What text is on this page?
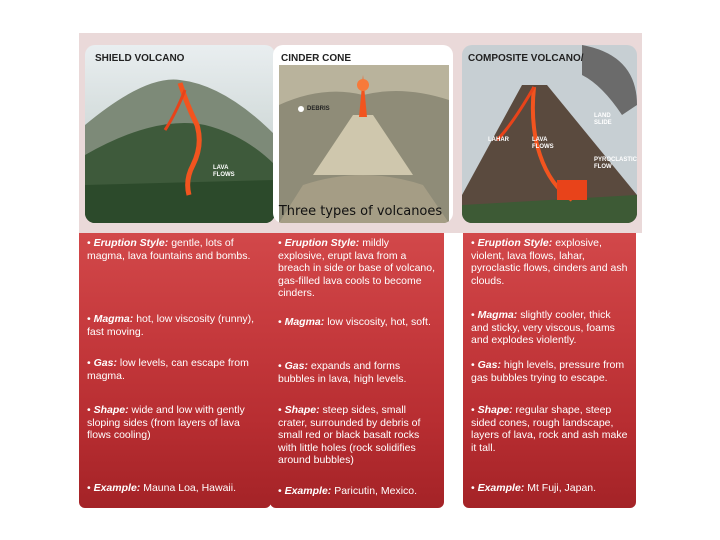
SHIELD VOLCANO
LAVA
FLOWS
CINDER CONE
DEBRIS
COMPOSITE VOLCANO/
LAHAR	LAVA
FLOWS
LAND
SLIDE
PYROCLASTIC
FLOW
Three types of volcanoes
• Eruption Style: gentle, lots of magma, lava fountains and bombs.
• Magma: hot, low viscosity (runny), fast moving.
• Gas: low levels, can escape from magma.
• Shape: wide and low with gently sloping sides (from layers of lava flows cooling)
• Example: Mauna Loa, Hawaii.
• Eruption Style: mildly explosive, erupt lava from a breach in side or base of volcano, gas-filled lava cools to become cinders.
• Magma: low viscosity, hot, soft.
• Gas: expands and forms bubbles in lava, high levels.
• Shape: steep sides, small crater, surrounded by debris of small red or black basalt rocks with little holes (rock solidifies around bubbles)
• Example: Paricutin, Mexico.
• Eruption Style: explosive, violent, lava flows, lahar, pyroclastic flows, cinders and ash clouds.
• Magma: slightly cooler, thick and sticky, very viscous, foams and explodes violently.
• Gas: high levels, pressure from gas bubbles trying to escape.
• Shape: regular shape, steep sided cones, rough landscape, layers of lava, rock and ash make it tall.
• Example: Mt Fuji, Japan.
